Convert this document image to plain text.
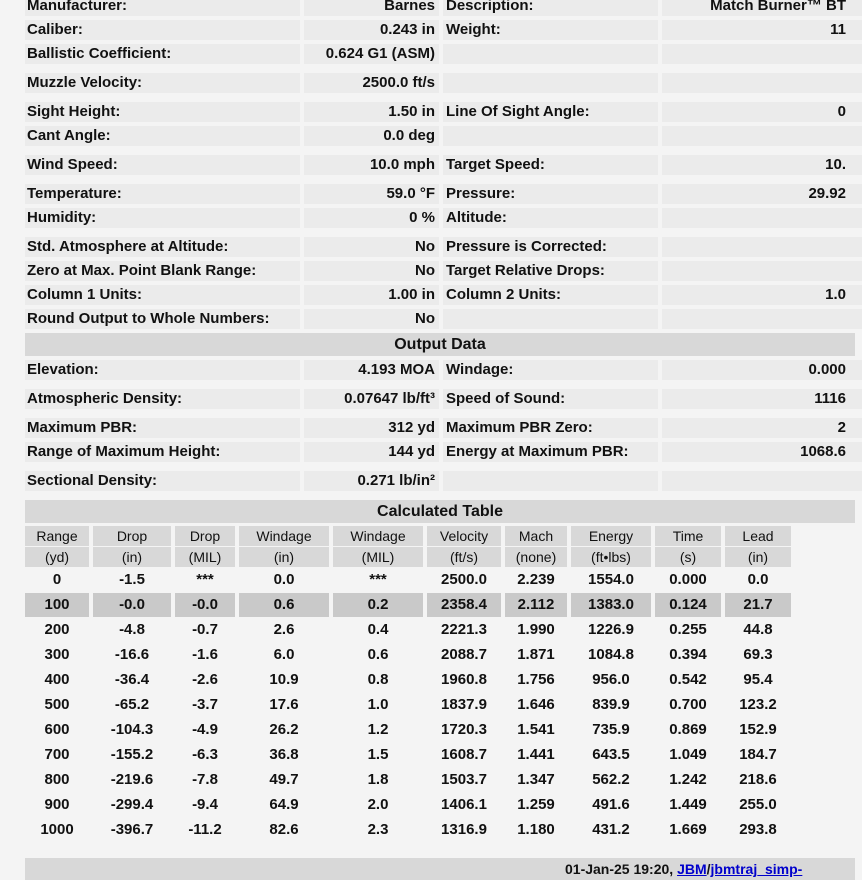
Manufacturer:	Barnes Description:	Match Burner™ BT
Caliber:	0.243 in Weight:	11
Ballistic Coefficient:	0.624 G1 (ASM)
Muzzle Velocity:	2500.0 ft/s
Sight Height:	1.50 in Line Of Sight Angle:	0
Cant Angle:	0.0 deg
Wind Speed:	10.0 mph Target Speed:	10.
Temperature:	59.0 °F Pressure:	29.92
Humidity:	0 % Altitude:
Std. Atmosphere at Altitude:	No Pressure is Corrected:
Zero at Max. Point Blank Range:	No Target Relative Drops:
Column 1 Units:	1.00 in Column 2 Units:	1.0
Round Output to Whole Numbers:	No
Output Data
Elevation:	4.193 MOA Windage:	0.000
Atmospheric Density:	0.07647 lb/ft³ Speed of Sound:	1116
Maximum PBR:	312 yd Maximum PBR Zero:	2
Range of Maximum Height:	144 yd Energy at Maximum PBR:	1068.6
Sectional Density:	0.271 lb/in²
Calculated Table
Range	Drop	Drop	Windage	Windage	Velocity	Mach	Energy	Time	Lead
(yd)	(in)	(MIL)	(in)	(MIL)	(ft/s)	(none)	(ft•lbs)	(s)	(in)
0	-1.5	***	0.0	***	2500.0	2.239	1554.0	0.000	0.0
100	-0.0	-0.0	0.6	0.2	2358.4	2.112	1383.0	0.124	21.7
200	-4.8	-0.7	2.6	0.4	2221.3	1.990	1226.9	0.255	44.8
300	-16.6	-1.6	6.0	0.6	2088.7	1.871	1084.8	0.394	69.3
400	-36.4	-2.6	10.9	0.8	1960.8	1.756	956.0	0.542	95.4
500	-65.2	-3.7	17.6	1.0	1837.9	1.646	839.9	0.700	123.2
600	-104.3	-4.9	26.2	1.2	1720.3	1.541	735.9	0.869	152.9
700	-155.2	-6.3	36.8	1.5	1608.7	1.441	643.5	1.049	184.7
800	-219.6	-7.8	49.7	1.8	1503.7	1.347	562.2	1.242	218.6
900	-299.4	-9.4	64.9	2.0	1406.1	1.259	491.6	1.449	255.0
1000	-396.7	-11.2	82.6	2.3	1316.9	1.180	431.2	1.669	293.8
01-Jan-25 19:20, JBM/jbmtraj_simp-
